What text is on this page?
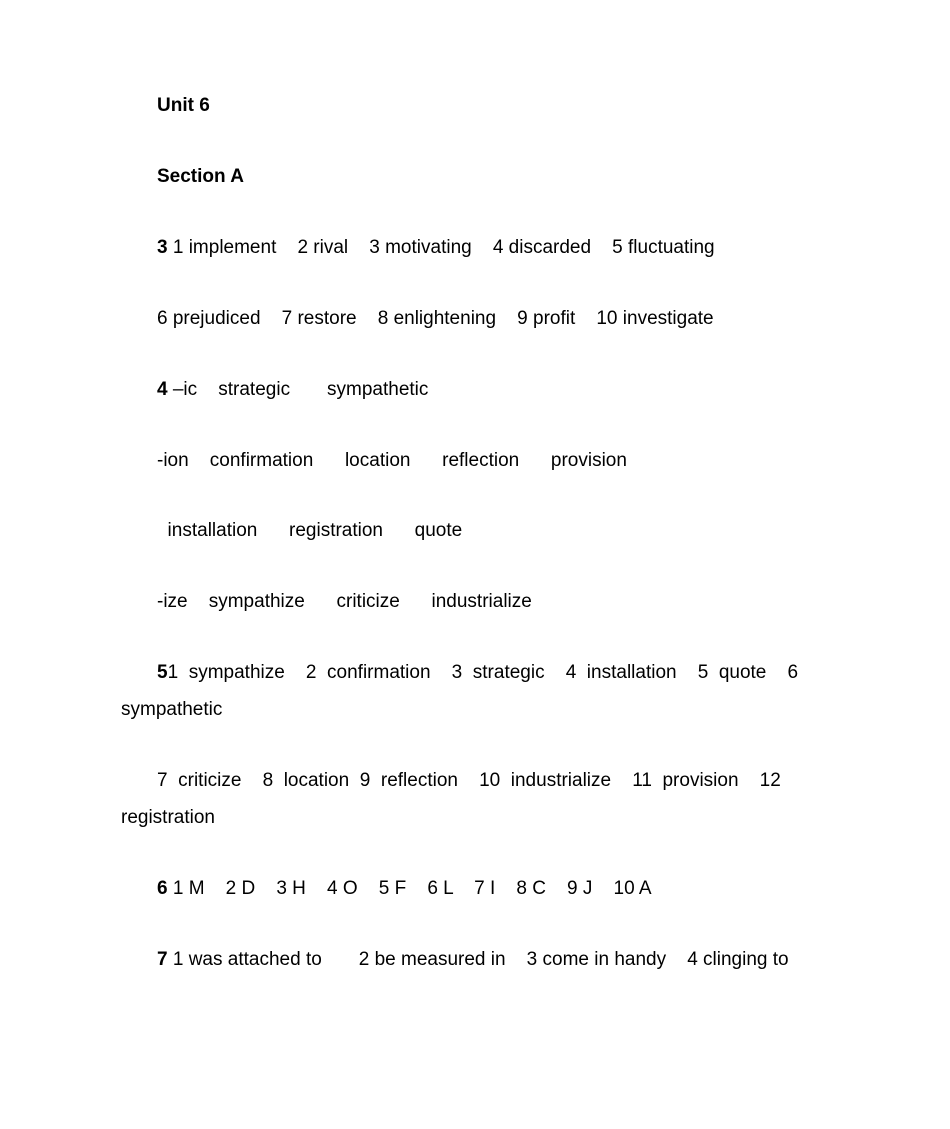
Unit 6
Section A
3 1 implement    2 rival    3 motivating    4 discarded    5 fluctuating
6 prejudiced    7 restore    8 enlightening    9 profit    10 investigate
4 –ic    strategic       sympathetic
-ion    confirmation      location      reflection      provision
installation      registration      quote
-ize    sympathize      criticize      industrialize
51  sympathize    2  confirmation    3  strategic    4  installation    5  quote    6
sympathetic
7  criticize    8  location  9  reflection    10  industrialize    11  provision    12
registration
6 1 M    2 D    3 H    4 O    5 F    6 L    7 I    8 C    9 J    10 A
7 1 was attached to       2 be measured in    3 come in handy    4 clinging to
